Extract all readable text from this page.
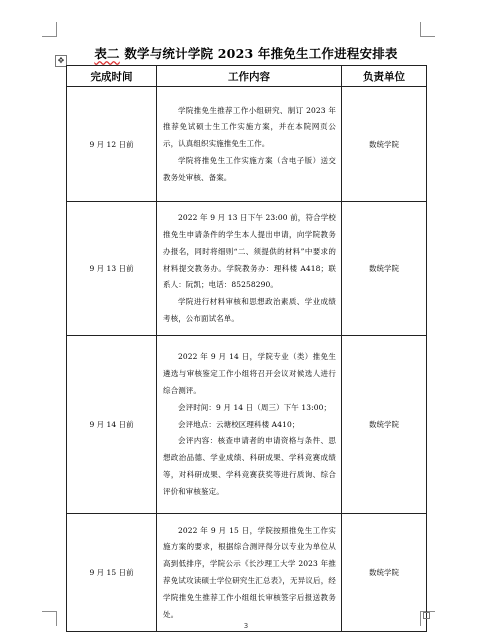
表二 数学与统计学院 2023 年推免生工作进程安排表
✥
完成时间	工作内容	负责单位
9 月 12 日前	学院推免生推荐工作小组研究、制订 2023 年推荐免试硕士生工作实施方案，并在本院网页公示，认真组织实施推免生工作。

学院将推免生工作实施方案（含电子版）送交教务处审核、备案。	数统学院
9 月 13 日前	2022 年 9 月 13 日下午 23:00 前，符合学校推免生申请条件的学生本人提出申请，向学院教务办报名，同时将细则“二、须提供的材料”中要求的材料提交教务办。学院教务办：理科楼 A418；联系人：阮凯；电话：85258290。

学院进行材料审核和思想政治素质、学业成绩考核，公布面试名单。	数统学院
9 月 14 日前	2022 年 9 月 14 日，学院专业（类）推免生遴选与审核鉴定工作小组将召开会议对候选人进行综合测评。

会评时间：9 月 14 日（周三）下午 13:00；

会评地点：云塘校区理科楼 A410；

会评内容：核查申请者的申请资格与条件、思想政治品德、学业成绩、科研成果、学科竞赛成绩等，对科研成果、学科竞赛获奖等进行质询、综合评价和审核鉴定。	数统学院
9 月 15 日前	2022 年 9 月 15 日，学院按照推免生工作实施方案的要求，根据综合测评得分以专业为单位从高到低排序，学院公示《长沙理工大学 2023 年推荐免试攻读硕士学位研究生汇总表》，无异议后，经学院推免生推荐工作小组组长审核签字后报送教务处。	数统学院
3
